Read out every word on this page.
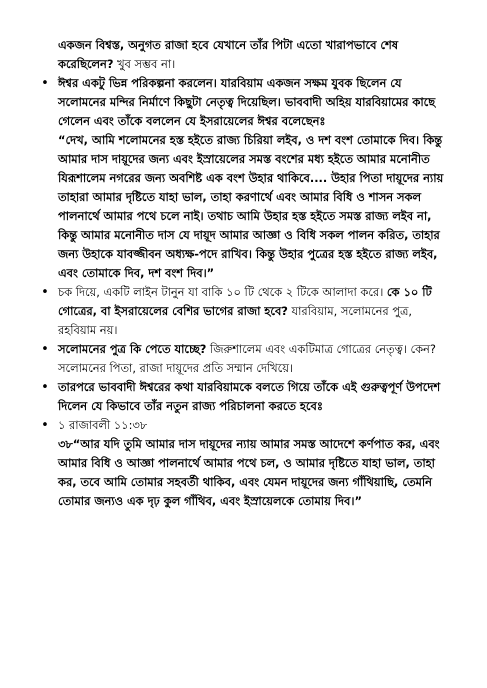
একজন বিশ্বস্ত, অনুগত রাজা হবে যেখানে তাঁর পিটা এতো খারাপভাবে শেষ করেছিলেন? খুব সম্ভব না।

• ঈশ্বর একটু ভিন্ন পরিকল্পনা করলেন। যারবিয়াম একজন সক্ষম যুবক ছিলেন যে সলোমনের মন্দির নির্মাণে কিছুটা নেতৃত্ব দিয়েছিল। ভাববাদী অহিয় যারবিয়ামের কাছে গেলেন এবং তাঁকে বললেন যে ইসরায়েলের ঈশ্বর বলেছেনঃ
“দেখ, আমি শলোমনের হস্ত হইতে রাজ্য চিরিয়া লইব, ও দশ বংশ তোমাকে দিব। কিন্তু আমার দাস দায়ূদের জন্য এবং ইস্রায়েলের সমস্ত বংশের মধ্য হইতে আমার মনোনীত যিরূশালেম নগরের জন্য অবশিষ্ট এক বংশ উহার থাকিবে.... উহার পিতা দায়ূদের ন্যায় তাহারা আমার দৃষ্টিতে যাহা ভাল, তাহা করণার্থে এবং আমার বিধি ও শাসন সকল পালনার্থে আমার পথে চলে নাই। তথাচ আমি উহার হস্ত হইতে সমস্ত রাজ্য লইব না, কিন্তু আমার মনোনীত দাস যে দায়ূদ আমার আজ্ঞা ও বিধি সকল পালন করিত, তাহার জন্য উহাকে যাবজ্জীবন অধ্যক্ষ-পদে রাখিব। কিন্তু উহার পুত্রের হস্ত হইতে রাজ্য লইব, এবং তোমাকে দিব, দশ বংশ দিব।”
• চক দিয়ে, একটি লাইন টানুন যা বাকি ১০ টি থেকে ২ টিকে আলাদা করে। কে ১০ টি গোত্রের, বা ইসরায়েলের বেশির ভাগের রাজা হবে? যারবিয়াম, সলোমনের পুত্র, রহবিয়াম নয়।
• সলোমনের পুত্র কি পেতে যাচ্ছে? জিরুশালেম এবং একটিমাত্র গোত্রের নেতৃত্ব। কেন? সলোমনের পিতা, রাজা দায়ূদের প্রতি সম্মান দেখিয়ে।
• তারপরে ভাববাদী ঈশ্বরের কথা যারবিয়ামকে বলতে গিয়ে তাঁকে এই গুরুত্বপূর্ণ উপদেশ দিলেন যে কিভাবে তাঁর নতুন রাজ্য পরিচালনা করতে হবেঃ
• ১ রাজাবলী ১১:৩৮
৩৮“আর যদি তুমি আমার দাস দায়ূদের ন্যায় আমার সমস্ত আদেশে কর্ণপাত কর, এবং আমার বিধি ও আজ্ঞা পালনার্থে আমার পথে চল, ও আমার দৃষ্টিতে যাহা ভাল, তাহা কর, তবে আমি তোমার সহবর্তী থাকিব, এবং যেমন দায়ূদের জন্য গাঁথিয়াছি, তেমনি তোমার জন্যও এক দৃঢ় কুল গাঁথিব, এবং ইস্রায়েলকে তোমায় দিব।”
